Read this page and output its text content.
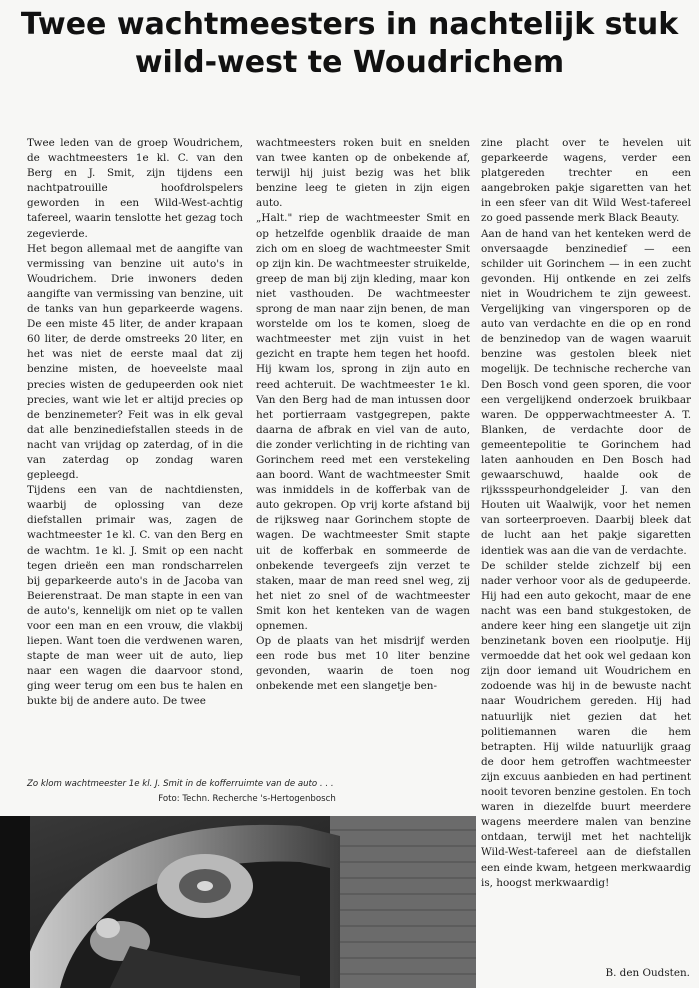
Twee wachtmeesters in nachtelijk stuk
wild-west te Woudrichem

Twee leden van de groep Woudrichem, de wachtmeesters 1e kl. C. van den Berg en J. Smit, zijn tijdens een nachtpatrouille hoofdrolspelers geworden in een Wild-West-achtig tafereel, waarin tenslotte het gezag toch zegevierde.

Het begon allemaal met de aangifte van vermissing van benzine uit auto's in Woudrichem. Drie inwoners deden aangifte van vermissing van benzine, uit de tanks van hun geparkeerde wagens. De een miste 45 liter, de ander krapaan 60 liter, de derde omstreeks 20 liter, en het was niet de eerste maal dat zij benzine misten, de hoeveelste maal precies wisten de gedupeerden ook niet precies, want wie let er altijd precies op de benzinemeter? Feit was in elk geval dat alle benzinediefstallen steeds in de nacht van vrijdag op zaterdag, of in die van zaterdag op zondag waren gepleegd.

Tijdens een van de nachtdiensten, waarbij de oplossing van deze diefstallen primair was, zagen de wachtmeester 1e kl. C. van den Berg en de wachtm. 1e kl. J. Smit op een nacht tegen drieën een man rondscharrelen bij geparkeerde auto's in de Jacoba van Beierenstraat. De man stapte in een van de auto's, kennelijk om niet op te vallen voor een man en een vrouw, die vlakbij liepen. Want toen die verdwenen waren, stapte de man weer uit de auto, liep naar een wagen die daarvoor stond, ging weer terug om een bus te halen en bukte bij de andere auto. De twee

wachtmeesters roken buit en snelden van twee kanten op de onbekende af, terwijl hij juist bezig was het blik benzine leeg te gieten in zijn eigen auto.

„Halt." riep de wachtmeester Smit en op hetzelfde ogenblik draaide de man zich om en sloeg de wachtmeester Smit op zijn kin. De wachtmeester struikelde, greep de man bij zijn kleding, maar kon niet vasthouden. De wachtmeester sprong de man naar zijn benen, de man worstelde om los te komen, sloeg de wachtmeester met zijn vuist in het gezicht en trapte hem tegen het hoofd. Hij kwam los, sprong in zijn auto en reed achteruit. De wachtmeester 1e kl. Van den Berg had de man intussen door het portierraam vastgegrepen, pakte daarna de afbrak en viel van de auto, die zonder verlichting in de richting van Gorinchem reed met een verstekeling aan boord. Want de wachtmeester Smit was inmiddels in de kofferbak van de auto gekropen. Op vrij korte afstand bij de rijksweg naar Gorinchem stopte de wagen. De wachtmeester Smit stapte uit de kofferbak en sommeerde de onbekende tevergeefs zijn verzet te staken, maar de man reed snel weg, zij het niet zo snel of de wachtmeester Smit kon het kenteken van de wagen opnemen.

Op de plaats van het misdrijf werden een rode bus met 10 liter benzine gevonden, waarin de toen nog onbekende met een slangetje ben-

zine placht over te hevelen uit geparkeerde wagens, verder een platgereden trechter en een aangebroken pakje sigaretten van het in een sfeer van dit Wild West-tafereel zo goed passende merk Black Beauty.

Aan de hand van het kenteken werd de onversaagde benzinedief — een schilder uit Gorinchem — in een zucht gevonden. Hij ontkende en zei zelfs niet in Woudrichem te zijn geweest. Vergelijking van vingersporen op de auto van verdachte en die op en rond de benzinedop van de wagen waaruit benzine was gestolen bleek niet mogelijk. De technische recherche van Den Bosch vond geen sporen, die voor een vergelijkend onderzoek bruikbaar waren. De oppperwachtmeester A. T. Blanken, de verdachte door de gemeentepolitie te Gorinchem had laten aanhouden en Den Bosch had gewaarschuwd, haalde ook de rijkssspeurhondgeleider J. van den Houten uit Waalwijk, voor het nemen van sorteerproeven. Daarbij bleek dat de lucht aan het pakje sigaretten identiek was aan die van de verdachte.

De schilder stelde zichzelf bij een nader verhoor voor als de gedupeerde. Hij had een auto gekocht, maar de ene nacht was een band stukgestoken, de andere keer hing een slangetje uit zijn benzinetank boven een rioolputje. Hij vermoedde dat het ook wel gedaan kon zijn door iemand uit Woudrichem en zodoende was hij in de bewuste nacht naar Woudrichem gereden. Hij had natuurlijk niet gezien dat het politiemannen waren die hem betrapten. Hij wilde natuurlijk graag de door hem getroffen wachtmeester zijn excuus aanbieden en had pertinent nooit tevoren benzine gestolen. En toch waren in diezelfde buurt meerdere wagens meerdere malen van benzine ontdaan, terwijl met het nachtelijk Wild-West-tafereel aan de diefstallen een einde kwam, hetgeen merkwaardig is, hoogst merkwaardig!

Zo klom wachtmeester 1e kl. J. Smit in de kofferruimte van de auto . . .
Foto: Techn. Recherche 's-Hertogenbosch
B. den Oudsten.
